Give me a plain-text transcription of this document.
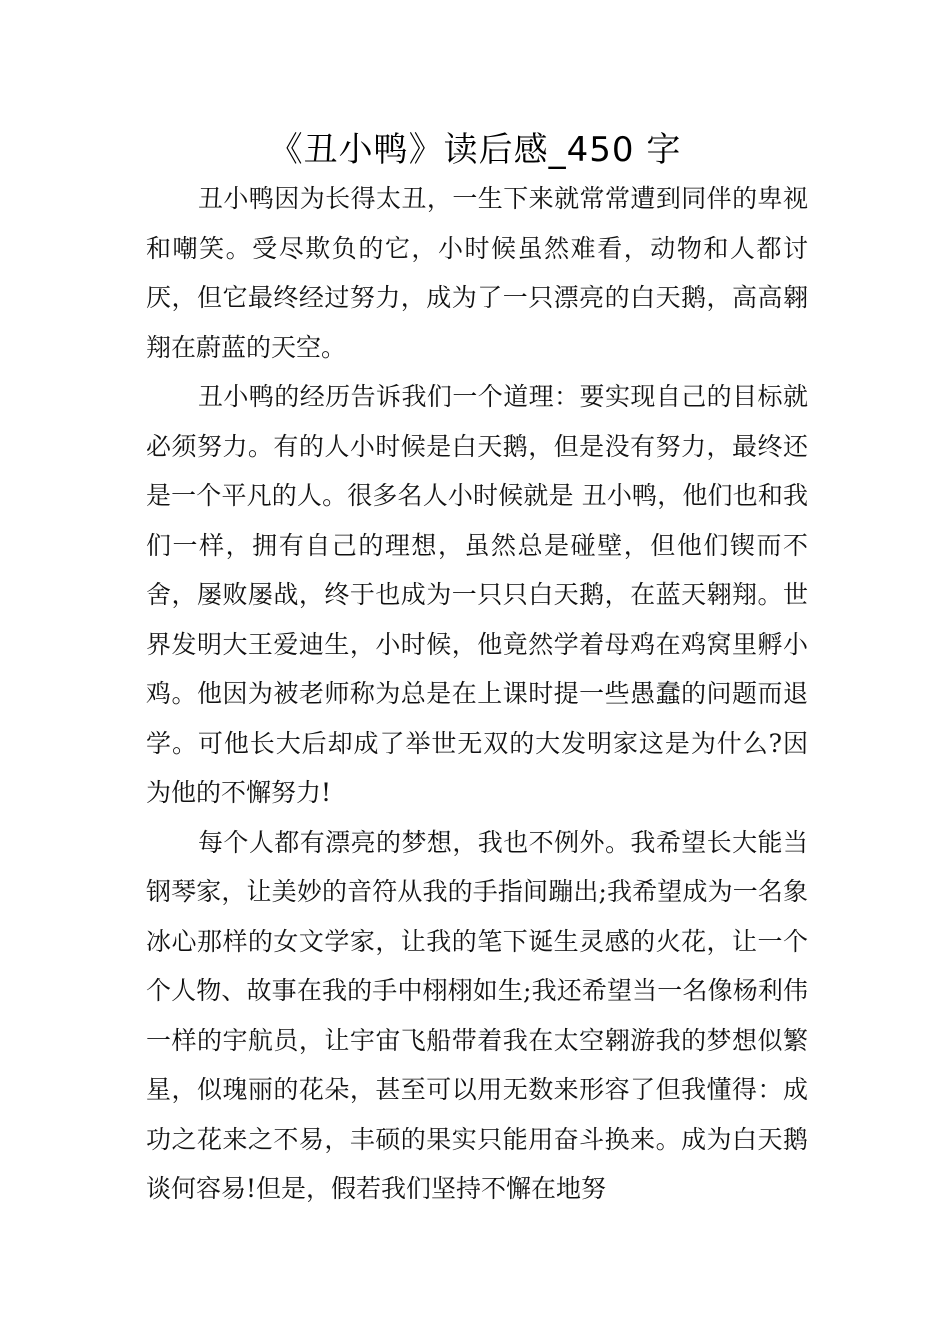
《丑小鸭》读后感_450 字

丑小鸭因为长得太丑，一生下来就常常遭到同伴的卑视和嘲笑。受尽欺负的它，小时候虽然难看，动物和人都讨厌，但它最终经过努力，成为了一只漂亮的白天鹅，高高翱翔在蔚蓝的天空。

丑小鸭的经历告诉我们一个道理：要实现自己的目标就必须努力。有的人小时候是白天鹅，但是没有努力，最终还是一个平凡的人。很多名人小时候就是 丑小鸭，他们也和我们一样，拥有自己的理想，虽然总是碰壁，但他们锲而不舍，屡败屡战，终于也成为一只只白天鹅，在蓝天翱翔。世界发明大王爱迪生，小时候，他竟然学着母鸡在鸡窝里孵小鸡。他因为被老师称为总是在上课时提一些愚蠢的问题而退学。可他长大后却成了举世无双的大发明家这是为什么?因为他的不懈努力!

每个人都有漂亮的梦想，我也不例外。我希望长大能当钢琴家，让美妙的音符从我的手指间蹦出;我希望成为一名象冰心那样的女文学家，让我的笔下诞生灵感的火花，让一个个人物、故事在我的手中栩栩如生;我还希望当一名像杨利伟一样的宇航员，让宇宙飞船带着我在太空翱游我的梦想似繁星，似瑰丽的花朵，甚至可以用无数来形容了但我懂得：成功之花来之不易，丰硕的果实只能用奋斗换来。成为白天鹅谈何容易!但是，假若我们坚持不懈在地努
